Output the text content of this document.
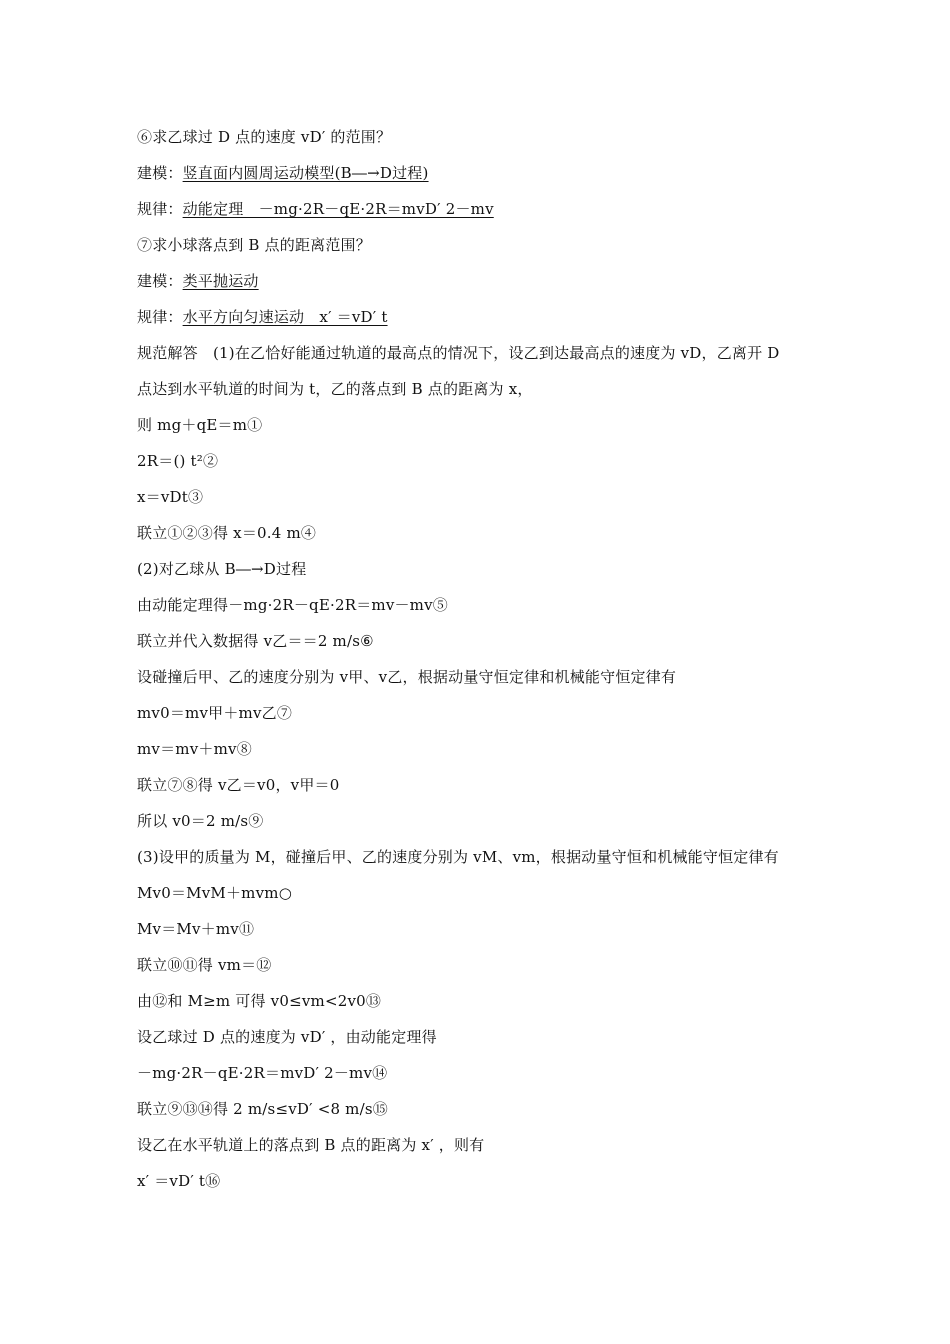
⑥求乙球过 D 点的速度 vD′ 的范围？
建模：竖直面内圆周运动模型(B―→D过程)
规律：动能定理　－mg·2R－qE·2R＝mvD′ 2－mv
⑦求小球落点到 B 点的距离范围？
建模：类平抛运动
规律：水平方向匀速运动　x′ ＝vD′ t
规范解答　(1)在乙恰好能通过轨道的最高点的情况下，设乙到达最高点的速度为 vD，乙离开 D
点达到水平轨道的时间为 t，乙的落点到 B 点的距离为 x，
则 mg＋qE＝m①
2R＝() t²②
x＝vDt③
联立①②③得 x＝0.4 m④
(2)对乙球从 B―→D过程
由动能定理得－mg·2R－qE·2R＝mv－mv⑤
联立并代入数据得 v乙＝＝2 m/s⑥
设碰撞后甲、乙的速度分别为 v甲、v乙，根据动量守恒定律和机械能守恒定律有
mv0＝mv甲＋mv乙⑦
mv＝mv＋mv⑧
联立⑦⑧得 v乙＝v0，v甲＝0
所以 v0＝2 m/s⑨
(3)设甲的质量为 M，碰撞后甲、乙的速度分别为 vM、vm，根据动量守恒和机械能守恒定律有
Mv0＝MvM＋mvm○
Mv＝Mv＋mv⑪
联立⑩⑪得 vm＝⑫
由⑫和 M≥m 可得 v0≤vm<2v0⑬
设乙球过 D 点的速度为 vD′ ，由动能定理得
－mg·2R－qE·2R＝mvD′ 2－mv⑭
联立⑨⑬⑭得 2 m/s≤vD′ <8 m/s⑮
设乙在水平轨道上的落点到 B 点的距离为 x′ ，则有
x′ ＝vD′ t⑯
